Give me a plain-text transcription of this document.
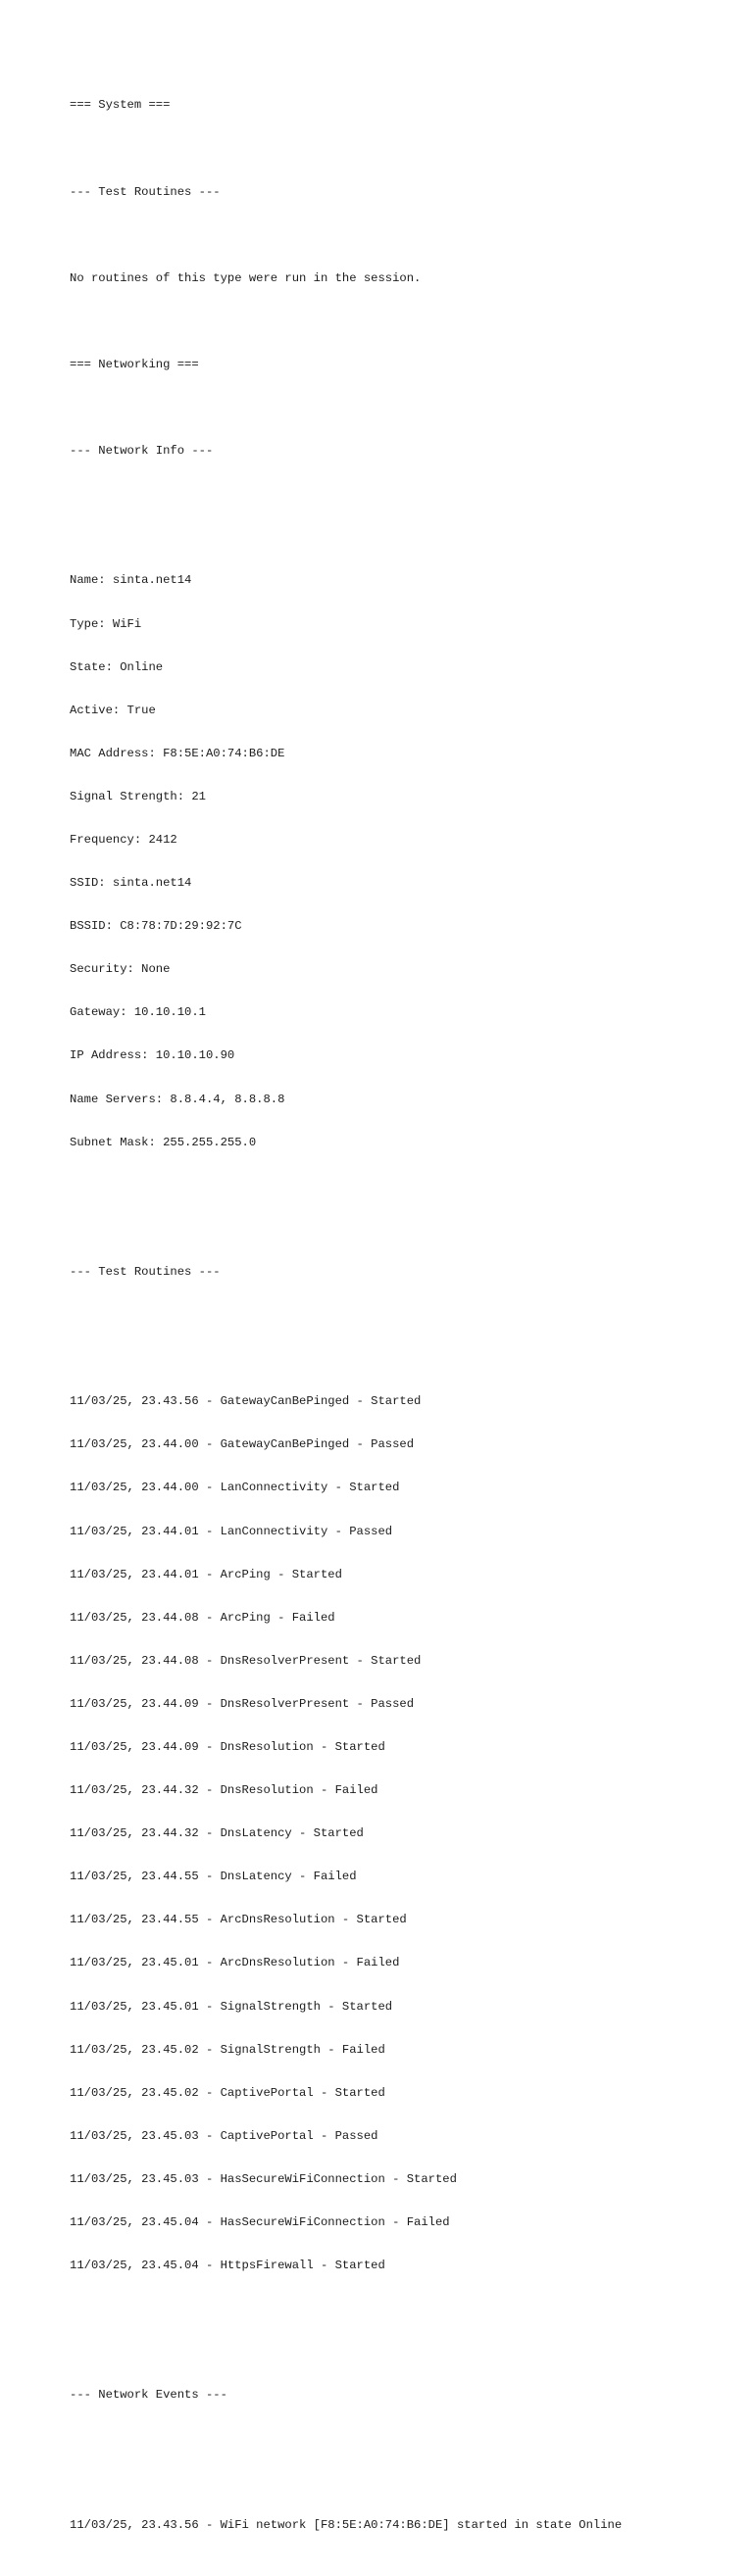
=== System ===

--- Test Routines ---

No routines of this type were run in the session.

=== Networking ===

--- Network Info ---

Name: sinta.net14

Type: WiFi

State: Online

Active: True

MAC Address: F8:5E:A0:74:B6:DE

Signal Strength: 21

Frequency: 2412

SSID: sinta.net14

BSSID: C8:78:7D:29:92:7C

Security: None

Gateway: 10.10.10.1

IP Address: 10.10.10.90

Name Servers: 8.8.4.4, 8.8.8.8

Subnet Mask: 255.255.255.0

--- Test Routines ---

11/03/25, 23.43.56 - GatewayCanBePinged - Started

11/03/25, 23.44.00 - GatewayCanBePinged - Passed

11/03/25, 23.44.00 - LanConnectivity - Started

11/03/25, 23.44.01 - LanConnectivity - Passed

11/03/25, 23.44.01 - ArcPing - Started

11/03/25, 23.44.08 - ArcPing - Failed

11/03/25, 23.44.08 - DnsResolverPresent - Started

11/03/25, 23.44.09 - DnsResolverPresent - Passed

11/03/25, 23.44.09 - DnsResolution - Started

11/03/25, 23.44.32 - DnsResolution - Failed

11/03/25, 23.44.32 - DnsLatency - Started

11/03/25, 23.44.55 - DnsLatency - Failed

11/03/25, 23.44.55 - ArcDnsResolution - Started

11/03/25, 23.45.01 - ArcDnsResolution - Failed

11/03/25, 23.45.01 - SignalStrength - Started

11/03/25, 23.45.02 - SignalStrength - Failed

11/03/25, 23.45.02 - CaptivePortal - Started

11/03/25, 23.45.03 - CaptivePortal - Passed

11/03/25, 23.45.03 - HasSecureWiFiConnection - Started

11/03/25, 23.45.04 - HasSecureWiFiConnection - Failed

11/03/25, 23.45.04 - HttpsFirewall - Started

--- Network Events ---

11/03/25, 23.43.56 - WiFi network [F8:5E:A0:74:B6:DE] started in state Online
